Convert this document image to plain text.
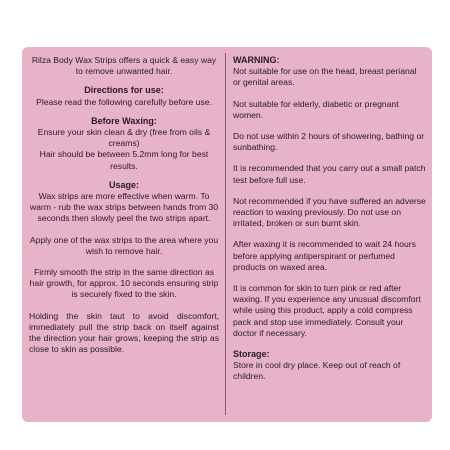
Rilza Body Wax Strips offers a quick & easy way to remove unwanted hair.

Directions for use:

Please read the following carefully before use.

Before Waxing:

Ensure your skin clean & dry (free from oils & creams)

Hair should be between 5.2mm long for best results.

Usage:

Wax strips are more effective when warm. To warm - rub the wax strips between hands from 30 seconds then slowly peel the two strips apart.

Apply one of the wax strips to the area where you wish to remove hair.

Firmly smooth the strip in the same direction as hair growth, for approx. 10 seconds ensuring strip is securely fixed to the skin.

Holding the skin taut to avoid discomfort, immediately pull the strip back on itself against the direction your hair grows, keeping the strip as close to skin as possible.

WARNING:

Not suitable for use on the head, breast perianal or genital areas.

Not suitable for elderly, diabetic or pregnant women.

Do not use within 2 hours of showering, bathing or sunbathing.

It is recommended that you carry out a small patch test before full use.

Not recommended if you have suffered an adverse reaction to waxing previously. Do not use on irritated, broken or sun burnt skin.

After waxing it is recommended to wait 24 hours before applying antiperspirant or perfumed products on waxed area.

It is common for skin to turn pink or red after waxing. If you experience any unusual discomfort while using this product, apply a cold compress pack and stop use immediately. Consult your doctor if necessary.

Storage:

Store in cool dry place. Keep out of reach of children.
